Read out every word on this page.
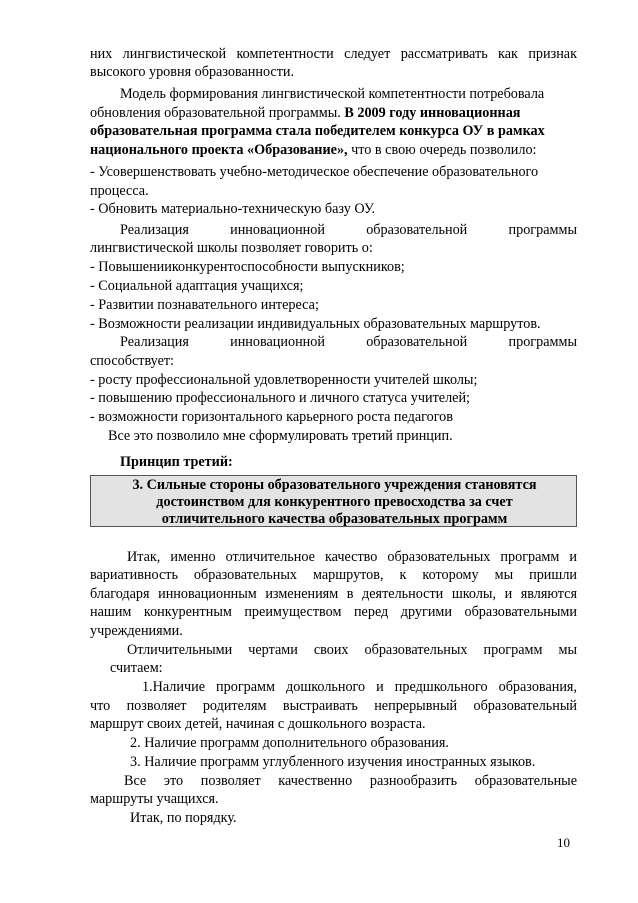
них лингвистической компетентности следует рассматривать как признак
высокого уровня образованности.
Модель формирования лингвистической компетентности потребовала
обновления образовательной программы. В 2009 году инновационная
образовательная программа стала победителем конкурса ОУ в рамках
национального проекта «Образование», что в свою очередь позволило:
- Усовершенствовать учебно-методическое обеспечение образовательного
процесса.
- Обновить материально-техническую базу ОУ.
Реализация инновационной образовательной программы
лингвистической школы позволяет говорить о:
- Повышенииконкурентоспособности выпускников;
- Социальной адаптация учащихся;
- Развитии познавательного интереса;
- Возможности реализации индивидуальных образовательных маршрутов.
Реализация инновационной образовательной программы
способствует:
- росту профессиональной удовлетворенности учителей школы;
- повышению профессионального и личного статуса учителей;
- возможности горизонтального карьерного роста педагогов
Все это позволило мне сформулировать третий принцип.
Принцип третий:
3. Сильные стороны образовательного учреждения становятся
достоинством для конкурентного превосходства за счет
отличительного качества образовательных программ
Итак, именно отличительное качество образовательных программ и
вариативность образовательных маршрутов, к которому мы пришли
благодаря инновационным изменениям в деятельности школы, и являются
нашим конкурентным преимуществом перед другими образовательными
учреждениями.
Отличительными чертами своих образовательных программ мы
считаем:
1.Наличие программ дошкольного и предшкольного образования,
что позволяет родителям выстраивать непрерывный образовательный
маршрут своих детей, начиная с дошкольного возраста.
2. Наличие программ дополнительного образования.
3. Наличие программ углубленного изучения иностранных языков.
Все это позволяет качественно разнообразить образовательные
маршруты учащихся.
Итак, по порядку.
10
